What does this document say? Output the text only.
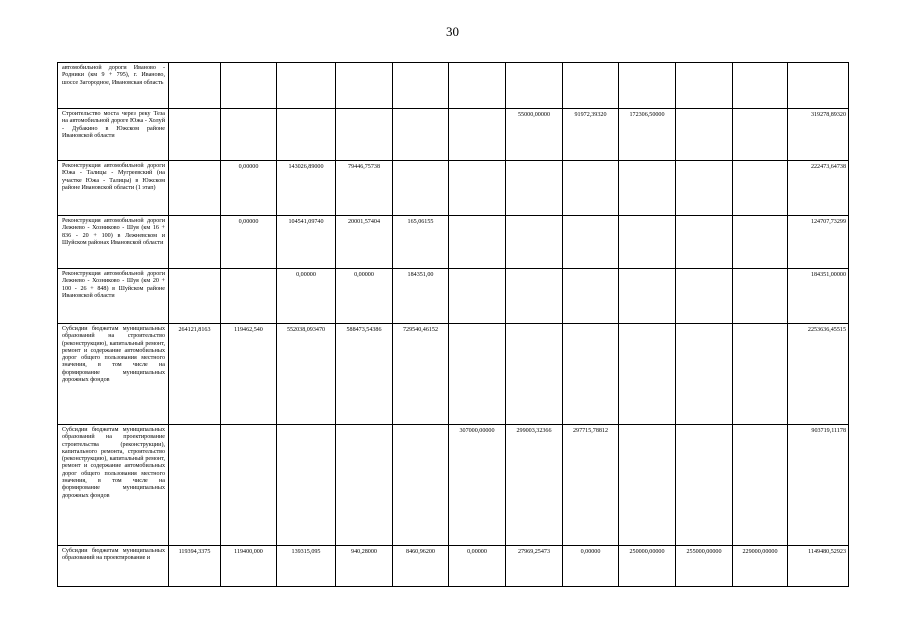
30
автомобильной дороги Иваново - Родники (км 9 + 795), г. Иваново, шоссе Загородное, Ивановская область												
Строительство моста через реку Теза на автомобильной дороге Южа - Холуй - Дубакино в Южском районе Ивановской области							55000,00000	91972,39320	172306,50000			319278,89320
Реконструкция автомобильной дороги Южа - Талицы - Мугреевский (на участке Южа - Талицы) в Южском районе Ивановской области (1 этап)		0,00000	143026,89000	79446,75738								222473,64738
Реконструкция автомобильной дороги Лежнево - Хозниково - Шуя (км 16 + 836 - 20 + 100) в Лежневском и Шуйском районах Ивановской области		0,00000	104541,09740	20001,57404	165,06155							124707,73299
Реконструкция автомобильной дороги Лежнево - Хозниково - Шуя (км 20 + 100 - 26 + 848) в Шуйском районе Ивановской области			0,00000	0,00000	184351,00							184351,00000
Субсидии бюджетам муниципальных образований на строительство (реконструкцию), капитальный ремонт, ремонт и содержание автомобильных дорог общего пользования местного значения, в том числе на формирование муниципальных дорожных фондов	264121,8163	119462,540	552038,093470	588473,54386	729540,46152							2253636,45515
Субсидии бюджетам муниципальных образований на проектирование строительства (реконструкции), капитального ремонта, строительство (реконструкцию), капитальный ремонт, ремонт и содержание автомобильных дорог общего пользования местного значения, в том числе на формирование муниципальных дорожных фондов						307000,00000	299003,32366	297715,78812				903719,11178
Субсидии бюджетам муниципальных образований на проектирование и	119394,3375	119400,000	139315,095	940,28000	8460,96200	0,00000	27969,25473	0,00000	250000,00000	255000,00000	229000,00000	1149480,52923
